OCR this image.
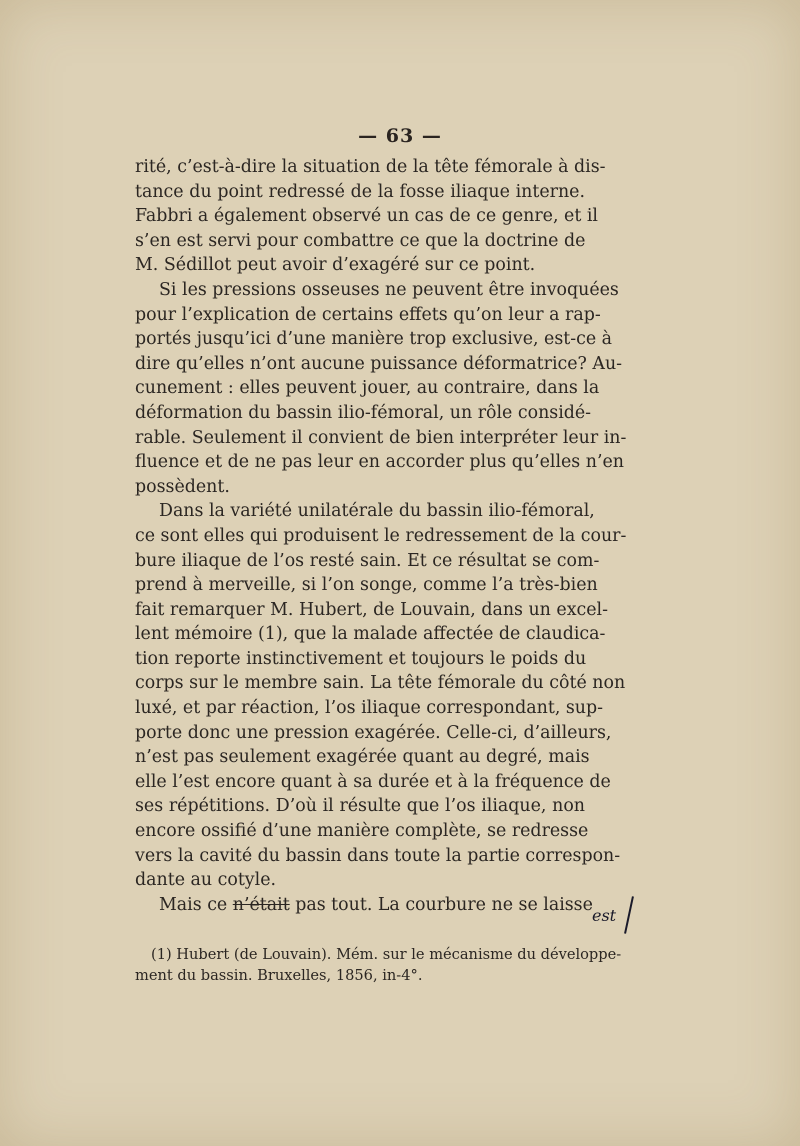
— 63 —
rité, c’est-à-dire la situation de la tête fémorale à dis-
tance du point redressé de la fosse iliaque interne.
Fabbri a également observé un cas de ce genre, et il
s’en est servi pour combattre ce que la doctrine de
M. Sédillot peut avoir d’exagéré sur ce point.
Si les pressions osseuses ne peuvent être invoquées
pour l’explication de certains effets qu’on leur a rap-
portés jusqu’ici d’une manière trop exclusive, est-ce à
dire qu’elles n’ont aucune puissance déformatrice? Au-
cunement : elles peuvent jouer, au contraire, dans la
déformation du bassin ilio-fémoral, un rôle considé-
rable. Seulement il convient de bien interpréter leur in-
fluence et de ne pas leur en accorder plus qu’elles n’en
possèdent.
Dans la variété unilatérale du bassin ilio-fémoral,
ce sont elles qui produisent le redressement de la cour-
bure iliaque de l’os resté sain. Et ce résultat se com-
prend à merveille, si l’on songe, comme l’a très-bien
fait remarquer M. Hubert, de Louvain, dans un excel-
lent mémoire (1), que la malade affectée de claudica-
tion reporte instinctivement et toujours le poids du
corps sur le membre sain. La tête fémorale du côté non
luxé, et par réaction, l’os iliaque correspondant, sup-
porte donc une pression exagérée. Celle-ci, d’ailleurs,
n’est pas seulement exagérée quant au degré, mais
elle l’est encore quant à sa durée et à la fréquence de
ses répétitions. D’où il résulte que l’os iliaque, non
encore ossifié d’une manière complète, se redresse
vers la cavité du bassin dans toute la partie correspon-
dante au cotyle.
Mais ce n’était pas tout. La courbure ne se laisse
est
(1) Hubert (de Louvain). Mém. sur le mécanisme du développe-
ment du bassin. Bruxelles, 1856, in-4°.
